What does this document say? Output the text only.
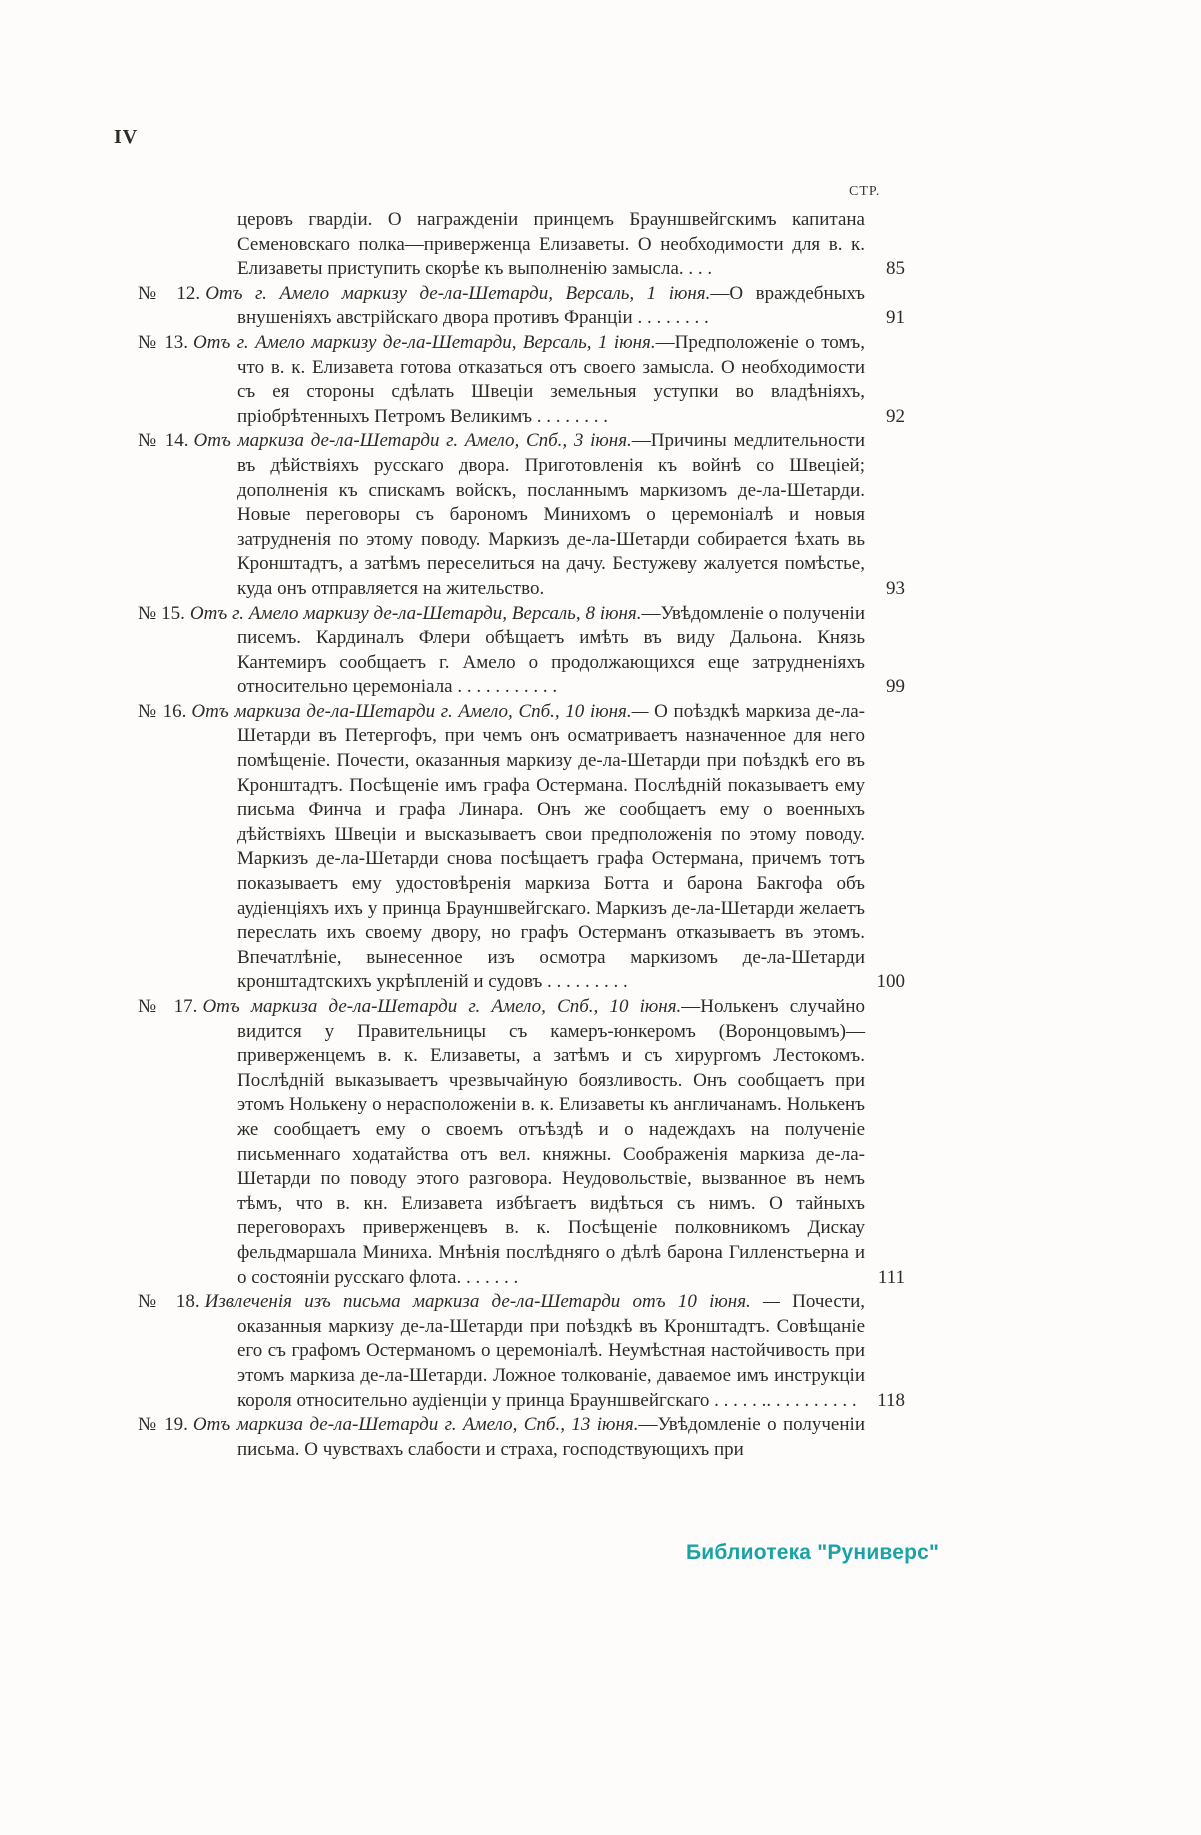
IV
СТР.
церовъ гвардіи. О награжденіи принцемъ Брауншвейгскимъ капитана Семеновскаго полка—приверженца Елизаветы. О необходимости для в. к. Елизаветы приступить скорѣе къ выполненію замысла. . . .	85
№ 12. Отъ г. Амело маркизу де-ла-Шетарди, Версаль, 1 іюня.—О враждебныхъ внушеніяхъ австрійскаго двора противъ Франціи . . . . . . . .	91
№ 13. Отъ г. Амело маркизу де-ла-Шетарди, Версаль, 1 іюня.—Предположеніе о томъ, что в. к. Елизавета готова отказаться отъ своего замысла. О необходимости съ ея стороны сдѣлать Швеціи земельныя уступки во владѣніяхъ, пріобрѣтенныхъ Петромъ Великимъ . . . . . . . .	92
№ 14. Отъ маркиза де-ла-Шетарди г. Амело, Спб., 3 іюня.—Причины медлительности въ дѣйствіяхъ русскаго двора. Приготовленія къ войнѣ со Швеціей; дополненія къ спискамъ войскъ, посланнымъ маркизомъ де-ла-Шетарди. Новые переговоры съ барономъ Минихомъ о церемоніалѣ и новыя затрудненія по этому поводу. Маркизъ де-ла-Шетарди собирается ѣхать вь Кронштадтъ, а затѣмъ переселиться на дачу. Бестужеву жалуется помѣстье, куда онъ отправляется на жительство.	93
№ 15. Отъ г. Амело маркизу де-ла-Шетарди, Версаль, 8 іюня.—Увѣдомленіе о полученіи писемъ. Кардиналъ Флери обѣщаетъ имѣть въ виду Дальона. Князь Кантемиръ сообщаетъ г. Амело о продолжающихся еще затрудненіяхъ относительно церемоніала . . . . . . . . . . .	99
№ 16. Отъ маркиза де-ла-Шетарди г. Амело, Спб., 10 іюня.— О поѣздкѣ маркиза де-ла-Шетарди въ Петергофъ, при чемъ онъ осматриваетъ назначенное для него помѣщеніе. Почести, оказанныя маркизу де-ла-Шетарди при поѣздкѣ его въ Кронштадтъ. Посѣщеніе имъ графа Остермана. Послѣдній показываетъ ему письма Финча и графа Линара. Онъ же сообщаетъ ему о военныхъ дѣйствіяхъ Швеціи и высказываетъ свои предположенія по этому поводу. Маркизъ де-ла-Шетарди снова посѣщаетъ графа Остермана, причемъ тотъ показываетъ ему удостовѣренія маркиза Ботта и барона Бакгофа объ аудіенціяхъ ихъ у принца Брауншвейгскаго. Маркизъ де-ла-Шетарди желаетъ переслать ихъ своему двору, но графъ Остерманъ отказываетъ въ этомъ. Впечатлѣніе, вынесенное изъ осмотра маркизомъ де-ла-Шетарди кронштадтскихъ укрѣпленій и судовъ . . . . . . . . .	100
№ 17. Отъ маркиза де-ла-Шетарди г. Амело, Спб., 10 іюня.—Нолькенъ случайно видится у Правительницы съ камеръ-юнкеромъ (Воронцовымъ)—приверженцемъ в. к. Елизаветы, а затѣмъ и съ хирургомъ Лестокомъ. Послѣдній выказываетъ чрезвычайную боязливость. Онъ сообщаетъ при этомъ Нолькену о нерасположеніи в. к. Елизаветы къ англичанамъ. Нолькенъ же сообщаетъ ему о своемъ отъѣздѣ и о надеждахъ на полученіе письменнаго ходатайства отъ вел. княжны. Соображенія маркиза де-ла-Шетарди по поводу этого разговора. Неудовольствіе, вызванное въ немъ тѣмъ, что в. кн. Елизавета избѣгаетъ видѣться съ нимъ. О тайныхъ переговорахъ приверженцевъ в. к. Посѣщеніе полковникомъ Дискау фельдмаршала Миниха. Мнѣнія послѣдняго о дѣлѣ барона Гилленстьерна и о состояніи русскаго флота. . . . . . .	111
№ 18. Извлеченія изъ письма маркиза де-ла-Шетарди отъ 10 іюня. — Почести, оказанныя маркизу де-ла-Шетарди при поѣздкѣ въ Кронштадтъ. Совѣщаніе его съ графомъ Остерманомъ о церемоніалѣ. Неумѣстная настойчивость при этомъ маркиза де-ла-Шетарди. Ложное толкованіе, даваемое имъ инструкціи короля относительно аудіенціи у принца Брауншвейгскаго . . . . . .. . . . . . . . . . 118
№ 19. Отъ маркиза де-ла-Шетарди г. Амело, Спб., 13 іюня.—Увѣдомленіе о полученіи письма. О чувствахъ слабости и страха, господствующихъ при
Библиотека "Руниверс"
